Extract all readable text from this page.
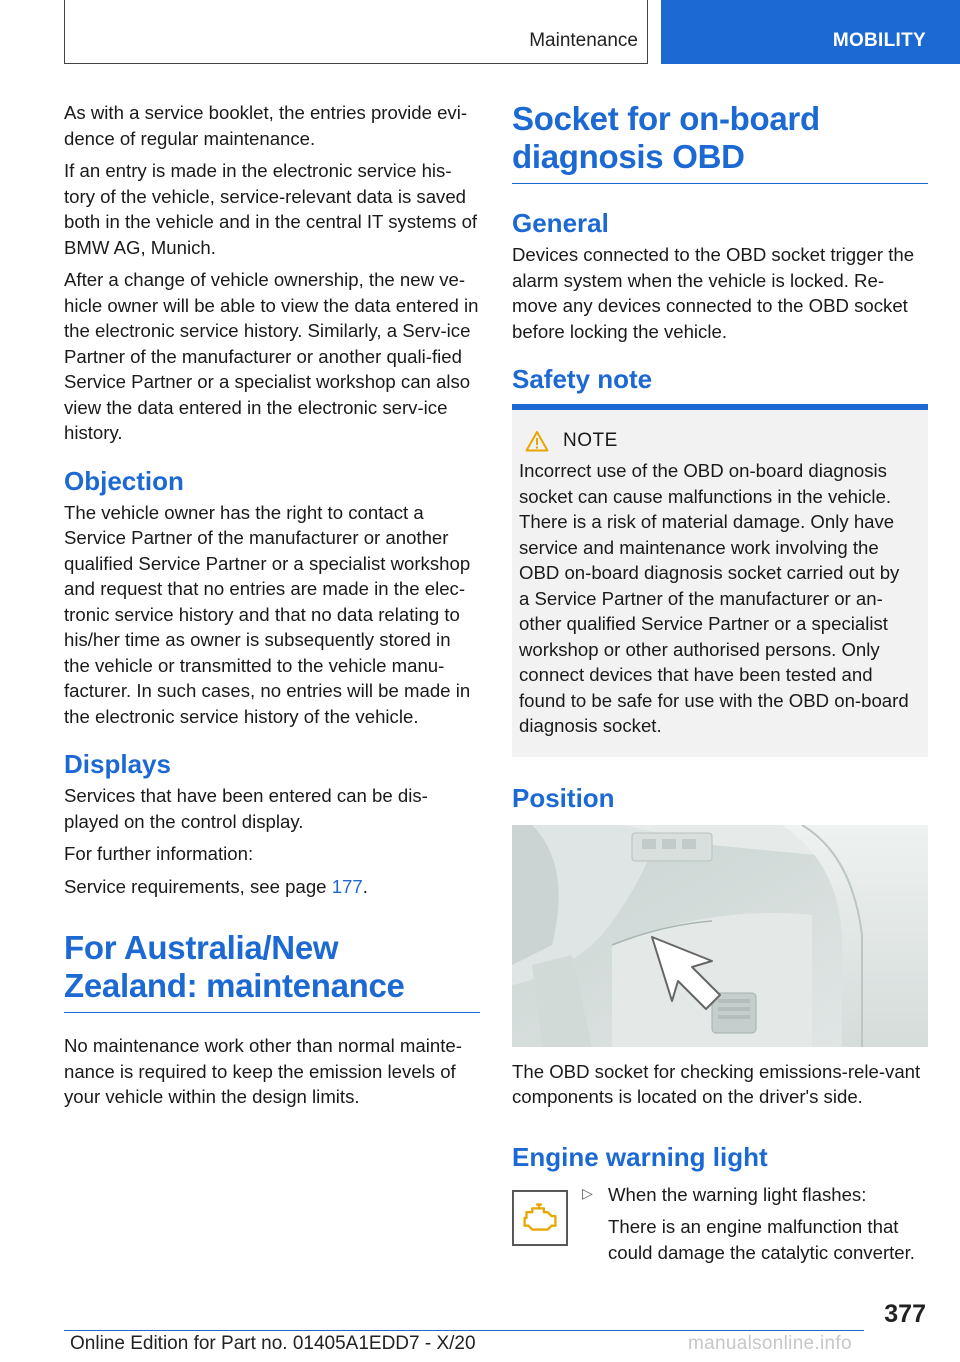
Maintenance	MOBILITY

As with a service booklet, the entries provide evi-dence of regular maintenance.

If an entry is made in the electronic service his-tory of the vehicle, service-relevant data is saved both in the vehicle and in the central IT systems of BMW AG, Munich.

After a change of vehicle ownership, the new ve-hicle owner will be able to view the data entered in the electronic service history. Similarly, a Serv-ice Partner of the manufacturer or another quali-fied Service Partner or a specialist workshop can also view the data entered in the electronic serv-ice history.

Objection

The vehicle owner has the right to contact a Service Partner of the manufacturer or another qualified Service Partner or a specialist workshop and request that no entries are made in the elec-tronic service history and that no data relating to his/her time as owner is subsequently stored in the vehicle or transmitted to the vehicle manu-facturer. In such cases, no entries will be made in the electronic service history of the vehicle.

Displays

Services that have been entered can be dis-played on the control display.

For further information:

Service requirements, see page 177.

For Australia/New Zealand: maintenance

No maintenance work other than normal mainte-nance is required to keep the emission levels of your vehicle within the design limits.

Socket for on-board diagnosis OBD
General

Devices connected to the OBD socket trigger the alarm system when the vehicle is locked. Re-move any devices connected to the OBD socket before locking the vehicle.

Safety note
NOTE

Incorrect use of the OBD on-board diagnosis socket can cause malfunctions in the vehicle. There is a risk of material damage. Only have service and maintenance work involving the OBD on-board diagnosis socket carried out by a Service Partner of the manufacturer or an-other qualified Service Partner or a specialist workshop or other authorised persons. Only connect devices that have been tested and found to be safe for use with the OBD on-board diagnosis socket.

Position

The OBD socket for checking emissions-rele-vant components is located on the driver's side.

Engine warning light
▷ When the warning light flashes:

There is an engine malfunction that could damage the catalytic converter.

377
Online Edition for Part no. 01405A1EDD7 - X/20	manualsonline.info
